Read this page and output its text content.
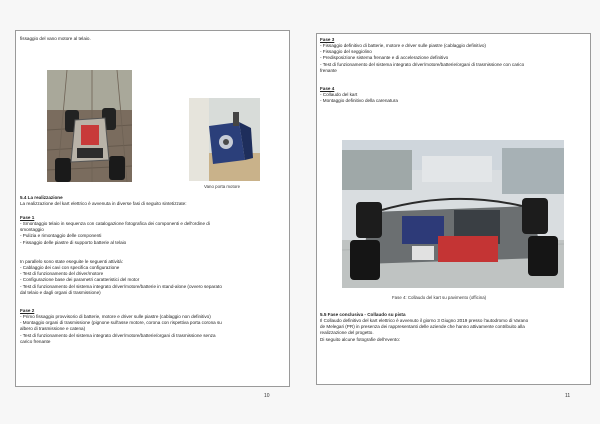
fissaggio del vano motore al telaio.
Vano porta motore
5.4 La realizzazione
La realizzazione del kart elettrico è avvenuta in diverse fasi di seguito sintetizzate:
Fase 1
- Smontaggio telaio in sequenza con catalogazione fotografica dei componenti e dell'ordine di
smontaggio
- Pulizia e rimontaggio delle componenti
- Fissaggio delle piastre di supporto batterie al telaio
In parallelo sono state eseguite le seguenti attività:
- Cablaggio dei cavi con specifica configurazione
- Test di funzionamento del driver/motore
- Configurazione base dei parametri caratteristici del motor
- Test di funzionamento del sistema integrato driver/motore/batterie in stand-alone (ovvero separato
dal telaio e dagli organi di trasmissione)
Fase 2
- Primo fissaggio provvisorio di batterie, motore e driver sulle piastre (cablaggio non definitivo)
- Montaggio organi di trasmissione (pignone sull'asse motore, corona con rispettiva porta corona su
albero di trasmissione e catena)
- Test di funzionamento del sistema integrato driver/motore/batterie/organi di trasmissione senza
carico frenante
10
Fase 3
- Fissaggio definitivo di batterie, motore e driver sulle piastre (cablaggio definitivo)
- Fissaggio del seggiolino
- Predisposizione sistema frenante e di accelerazione definitivo
- Test di funzionamento del sistema integrato driver/motore/batterie/organi di trasmissione con carico
frenante
Fase 4
- Collaudo del kart
- Montaggio definitivo della carenatura
Fase 4: Collaudo del kart su pavimento (officina)
5.5 Fase conclusiva - Collaudo su pista
Il Collaudo definitivo del kart elettrico è avvenuto il giorno 3 Giugno 2019 presso l'autodromo di Varano
de Melegari (PR) in presenza dei rappresentanti delle aziende che hanno attivamente contribuito alla
realizzazione del progetto.
Di seguito alcune fotografie dell'evento:
11
